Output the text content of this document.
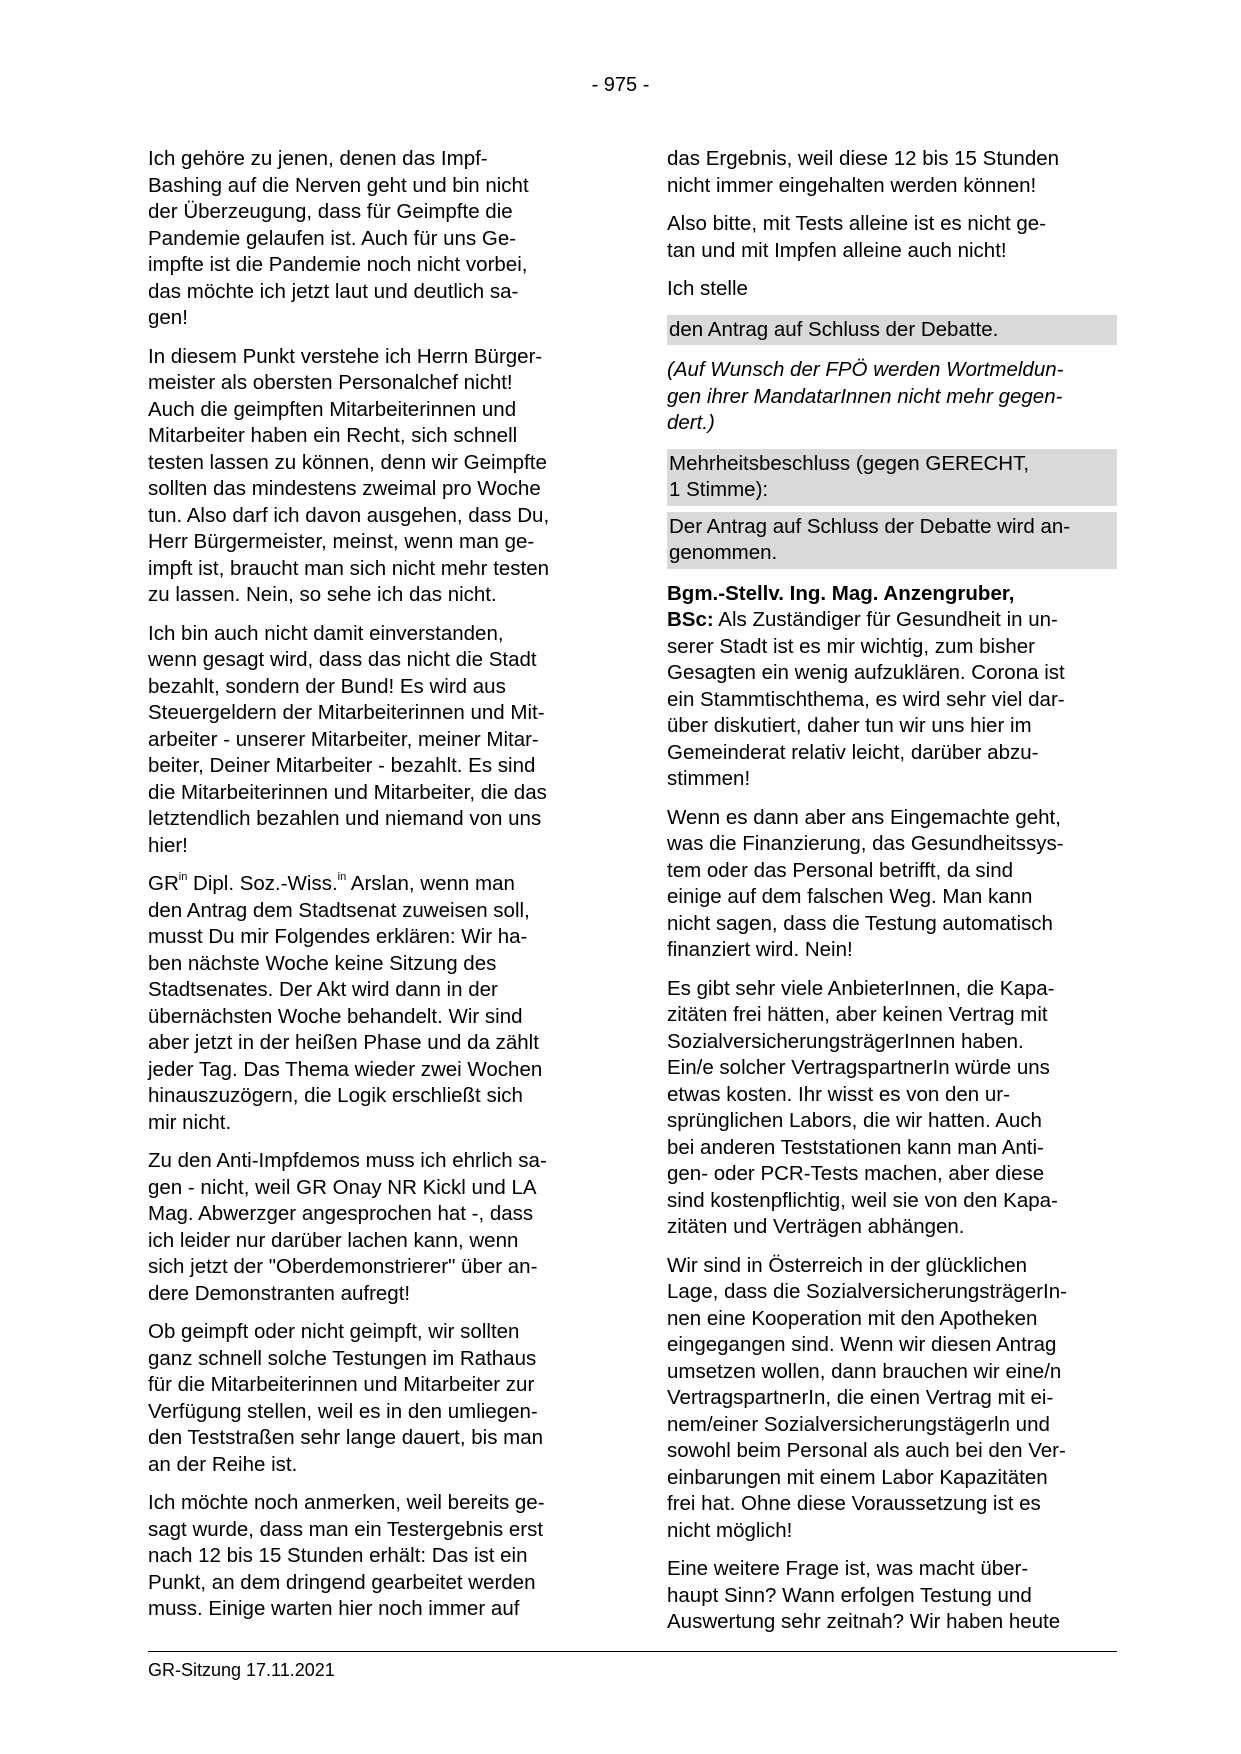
- 975 -

Ich gehöre zu jenen, denen das Impf-
Bashing auf die Nerven geht und bin nicht
der Überzeugung, dass für Geimpfte die
Pandemie gelaufen ist. Auch für uns Ge-
impfte ist die Pandemie noch nicht vorbei,
das möchte ich jetzt laut und deutlich sa-
gen!

In diesem Punkt verstehe ich Herrn Bürger-
meister als obersten Personalchef nicht!
Auch die geimpften Mitarbeiterinnen und
Mitarbeiter haben ein Recht, sich schnell
testen lassen zu können, denn wir Geimpfte
sollten das mindestens zweimal pro Woche
tun. Also darf ich davon ausgehen, dass Du,
Herr Bürgermeister, meinst, wenn man ge-
impft ist, braucht man sich nicht mehr testen
zu lassen. Nein, so sehe ich das nicht.

Ich bin auch nicht damit einverstanden,
wenn gesagt wird, dass das nicht die Stadt
bezahlt, sondern der Bund! Es wird aus
Steuergeldern der Mitarbeiterinnen und Mit-
arbeiter - unserer Mitarbeiter, meiner Mitar-
beiter, Deiner Mitarbeiter - bezahlt. Es sind
die Mitarbeiterinnen und Mitarbeiter, die das
letztendlich bezahlen und niemand von uns
hier!

$GR^{in}$ Dipl. Soz.-Wiss.$^{in}$ Arslan, wenn man
den Antrag dem Stadtsenat zuweisen soll,
musst Du mir Folgendes erklären: Wir ha-
ben nächste Woche keine Sitzung des
Stadtsenates. Der Akt wird dann in der
übernächsten Woche behandelt. Wir sind
aber jetzt in der heißen Phase und da zählt
jeder Tag. Das Thema wieder zwei Wochen
hinauszuzögern, die Logik erschließt sich
mir nicht.

Zu den Anti-Impfdemos muss ich ehrlich sa-
gen - nicht, weil GR Onay NR Kickl und LA
Mag. Abwerzger angesprochen hat -, dass
ich leider nur darüber lachen kann, wenn
sich jetzt der "Oberdemonstrierer" über an-
dere Demonstranten aufregt!

Ob geimpft oder nicht geimpft, wir sollten
ganz schnell solche Testungen im Rathaus
für die Mitarbeiterinnen und Mitarbeiter zur
Verfügung stellen, weil es in den umliegen-
den Teststraßen sehr lange dauert, bis man
an der Reihe ist.

Ich möchte noch anmerken, weil bereits ge-
sagt wurde, dass man ein Testergebnis erst
nach 12 bis 15 Stunden erhält: Das ist ein
Punkt, an dem dringend gearbeitet werden
muss. Einige warten hier noch immer auf

das Ergebnis, weil diese 12 bis 15 Stunden
nicht immer eingehalten werden können!

Also bitte, mit Tests alleine ist es nicht ge-
tan und mit Impfen alleine auch nicht!

Ich stelle

den Antrag auf Schluss der Debatte.

(Auf Wunsch der FPÖ werden Wortmeldun-
gen ihrer MandatarInnen nicht mehr gegen-
dert.)

Mehrheitsbeschluss (gegen GERECHT,
1 Stimme):

Der Antrag auf Schluss der Debatte wird an-
genommen.

Bgm.-Stellv. Ing. Mag. Anzengruber,
BSc: Als Zuständiger für Gesundheit in un-
serer Stadt ist es mir wichtig, zum bisher
Gesagten ein wenig aufzuklären. Corona ist
ein Stammtischthema, es wird sehr viel dar-
über diskutiert, daher tun wir uns hier im
Gemeinderat relativ leicht, darüber abzu-
stimmen!

Wenn es dann aber ans Eingemachte geht,
was die Finanzierung, das Gesundheitssys-
tem oder das Personal betrifft, da sind
einige auf dem falschen Weg. Man kann
nicht sagen, dass die Testung automatisch
finanziert wird. Nein!

Es gibt sehr viele AnbieterInnen, die Kapa-
zitäten frei hätten, aber keinen Vertrag mit
SozialversicherungsträgerInnen haben.
Ein/e solcher VertragspartnerIn würde uns
etwas kosten. Ihr wisst es von den ur-
sprünglichen Labors, die wir hatten. Auch
bei anderen Teststationen kann man Anti-
gen- oder PCR-Tests machen, aber diese
sind kostenpflichtig, weil sie von den Kapa-
zitäten und Verträgen abhängen.

Wir sind in Österreich in der glücklichen
Lage, dass die SozialversicherungsträgerIn-
nen eine Kooperation mit den Apotheken
eingegangen sind. Wenn wir diesen Antrag
umsetzen wollen, dann brauchen wir eine/n
VertragspartnerIn, die einen Vertrag mit ei-
nem/einer Sozialversicherungstägerln und
sowohl beim Personal als auch bei den Ver-
einbarungen mit einem Labor Kapazitäten
frei hat. Ohne diese Voraussetzung ist es
nicht möglich!

Eine weitere Frage ist, was macht über-
haupt Sinn? Wann erfolgen Testung und
Auswertung sehr zeitnah? Wir haben heute

GR-Sitzung 17.11.2021
